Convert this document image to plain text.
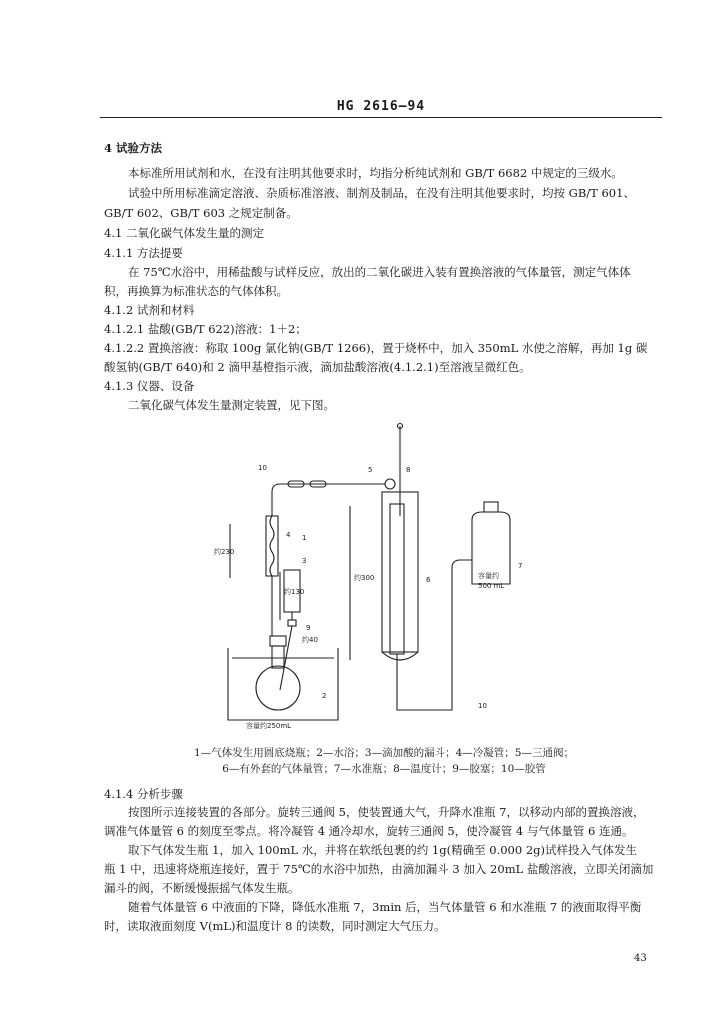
HG 2616—94
4 试验方法
本标准所用试剂和水，在没有注明其他要求时，均指分析纯试剂和 GB/T 6682 中规定的三级水。
试验中所用标准滴定溶液、杂质标准溶液、制剂及制品，在没有注明其他要求时，均按 GB/T 601、
GB/T 602、GB/T 603 之规定制备。
4.1 二氧化碳气体发生量的测定
4.1.1 方法提要
在 75℃水浴中，用稀盐酸与试样反应，放出的二氧化碳进入装有置换溶液的气体量管，测定气体体
积，再换算为标准状态的气体体积。
4.1.2 试剂和材料
4.1.2.1 盐酸(GB/T 622)溶液：1＋2；
4.1.2.2 置换溶液：称取 100g 氯化钠(GB/T 1266)，置于烧杯中，加入 350mL 水使之溶解，再加 1g 碳
酸氢钠(GB/T 640)和 2 滴甲基橙指示液，滴加盐酸溶液(4.1.2.1)至溶液呈微红色。
4.1.3 仪器、设备
二氧化碳气体发生量测定装置，见下图。
10
1
2
3
4
5
6
7
8
9
10
约230
约130
约40
约300
容量约250mL
容量约
500 mL
1—气体发生用圆底烧瓶；2—水浴；3—滴加酸的漏斗；4—冷凝管；5—三通阀；
6—有外套的气体量管；7—水准瓶；8—温度计；9—胶塞；10—胶管
4.1.4 分析步骤
按图所示连接装置的各部分。旋转三通阀 5，使装置通大气，升降水准瓶 7，以移动内部的置换溶液，
调准气体量管 6 的刻度至零点。将冷凝管 4 通冷却水，旋转三通阀 5，使冷凝管 4 与气体量管 6 连通。
取下气体发生瓶 1，加入 100mL 水，并将在软纸包裹的约 1g(精确至 0.000 2g)试样投入气体发生
瓶 1 中，迅速将烧瓶连接好，置于 75℃的水浴中加热，由滴加漏斗 3 加入 20mL 盐酸溶液，立即关闭滴加
漏斗的阀，不断缓慢振摇气体发生瓶。
随着气体量管 6 中液面的下降，降低水准瓶 7，3min 后，当气体量管 6 和水准瓶 7 的液面取得平衡
时，读取液面刻度 V(mL)和温度计 8 的读数，同时测定大气压力。
43
